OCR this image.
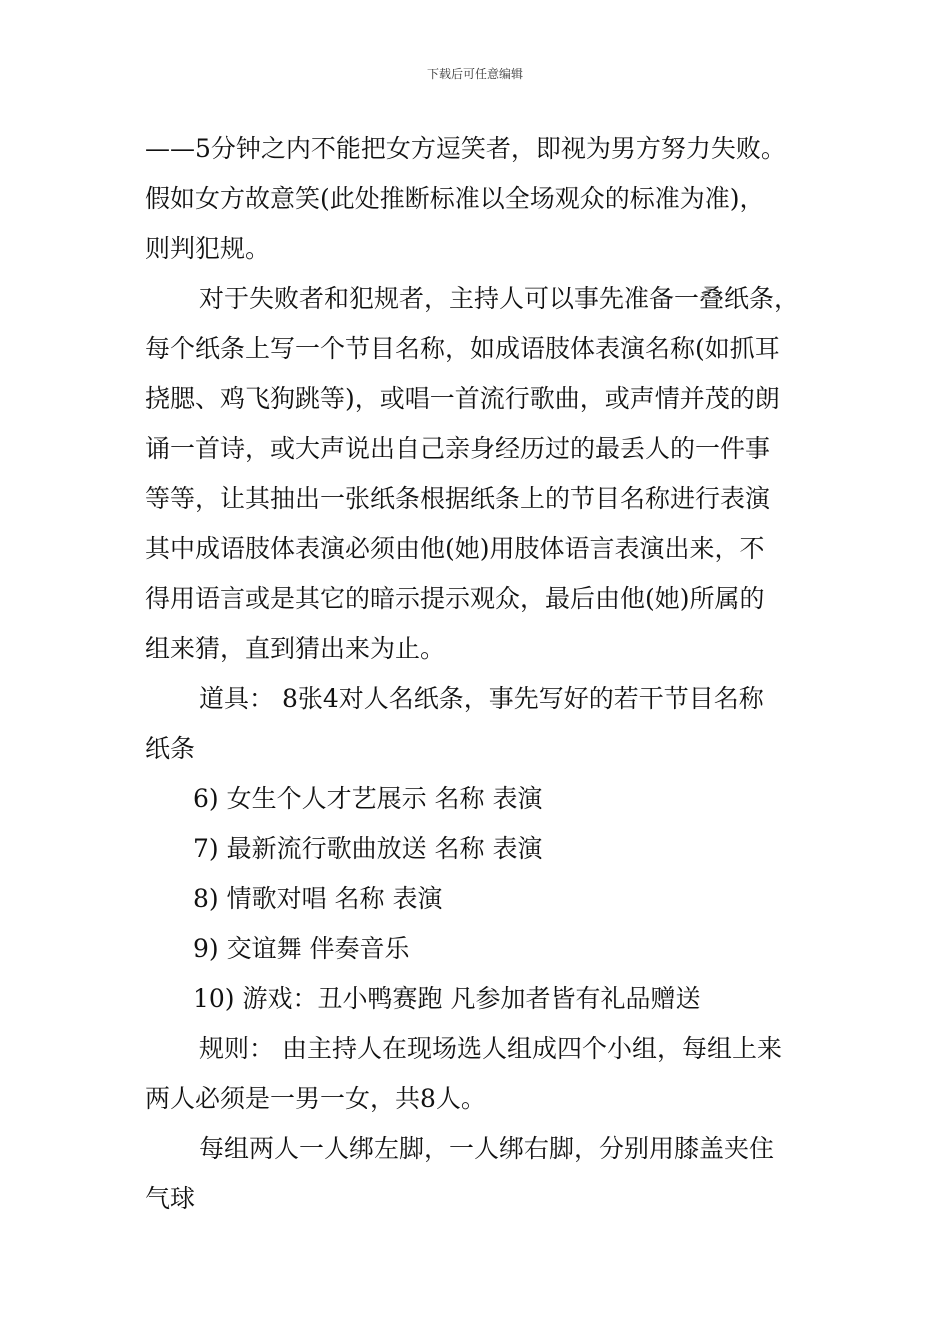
下载后可任意编辑
——5分钟之内不能把女方逗笑者，即视为男方努力失败。
假如女方故意笑(此处推断标准以全场观众的标准为准)，
则判犯规。
对于失败者和犯规者，主持人可以事先准备一叠纸条，
每个纸条上写一个节目名称，如成语肢体表演名称(如抓耳
挠腮、鸡飞狗跳等)，或唱一首流行歌曲，或声情并茂的朗
诵一首诗，或大声说出自己亲身经历过的最丢人的一件事
等等，让其抽出一张纸条根据纸条上的节目名称进行表演
其中成语肢体表演必须由他(她)用肢体语言表演出来，不
得用语言或是其它的暗示提示观众，最后由他(她)所属的
组来猜，直到猜出来为止。
道具： 8张4对人名纸条，事先写好的若干节目名称
纸条
6) 女生个人才艺展示 名称 表演
7) 最新流行歌曲放送 名称 表演
8) 情歌对唱 名称 表演
9) 交谊舞 伴奏音乐
10) 游戏：丑小鸭赛跑 凡参加者皆有礼品赠送
规则： 由主持人在现场选人组成四个小组，每组上来
两人必须是一男一女，共8人。
每组两人一人绑左脚，一人绑右脚，分别用膝盖夹住
气球
